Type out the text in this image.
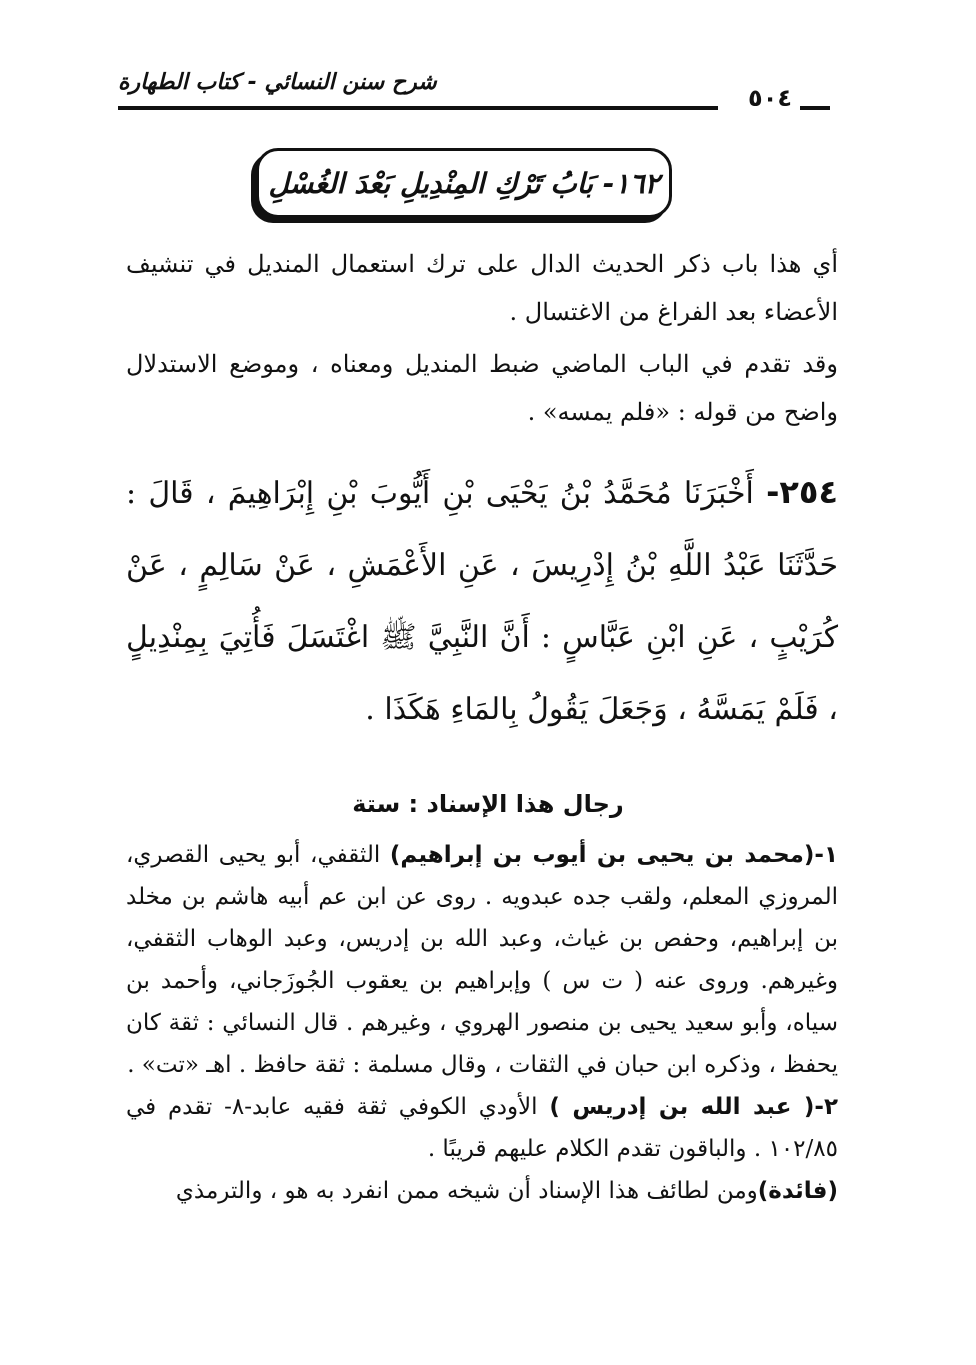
شرح سنن النسائي - كتاب الطهارة
٥٠٤
١٦٢- بَابُ تَرْكِ المِنْدِيلِ بَعْدَ الغُسْلِ

أي هذا باب ذكر الحديث الدال على ترك استعمال المنديل في تنشيف الأعضاء بعد الفراغ من الاغتسال .

وقد تقدم في الباب الماضي ضبط المنديل ومعناه ، وموضع الاستدلال واضح من قوله : «فلم يمسه» .

٢٥٤- أَخْبَرَنَا مُحَمَّدُ بْنُ يَحْيَى بْنِ أَيُّوبَ بْنِ إِبْرَاهِيمَ ، قَالَ : حَدَّثَنَا عَبْدُ اللَّهِ بْنُ إِدْرِيسَ ، عَنِ الأَعْمَشِ ، عَنْ سَالِمٍ ، عَنْ كُرَيْبٍ ، عَنِ ابْنِ عَبَّاسٍ : أَنَّ النَّبِيَّ ﷺ اغْتَسَلَ فَأُتِيَ بِمِنْدِيلٍ ، فَلَمْ يَمَسَّهُ ، وَجَعَلَ يَقُولُ بِالمَاءِ هَكَذَا .
رجال هذا الإسناد : ستة

١-(محمد بن يحيى بن أيوب بن إبراهيم) الثقفي، أبو يحيى القصري، المروزي المعلم، ولقب جده عبدويه . روى عن ابن عم أبيه هاشم بن مخلد بن إبراهيم، وحفص بن غياث، وعبد الله بن إدريس، وعبد الوهاب الثقفي، وغيرهم. وروى عنه ( ت س ) وإبراهيم بن يعقوب الجُوزَجاني، وأحمد بن سياه، وأبو سعيد يحيى بن منصور الهروي ، وغيرهم . قال النسائي : ثقة كان يحفظ ، وذكره ابن حبان في الثقات ، وقال مسلمة : ثقة حافظ . اهـ «تت» .

٢-( عبد الله بن إدريس ) الأودي الكوفي ثقة فقيه عابد-٨- تقدم في ١٠٢/٨٥ . والباقون تقدم الكلام عليهم قريبًا .

(فائدة)ومن لطائف هذا الإسناد أن شيخه ممن انفرد به هو ، والترمذي
